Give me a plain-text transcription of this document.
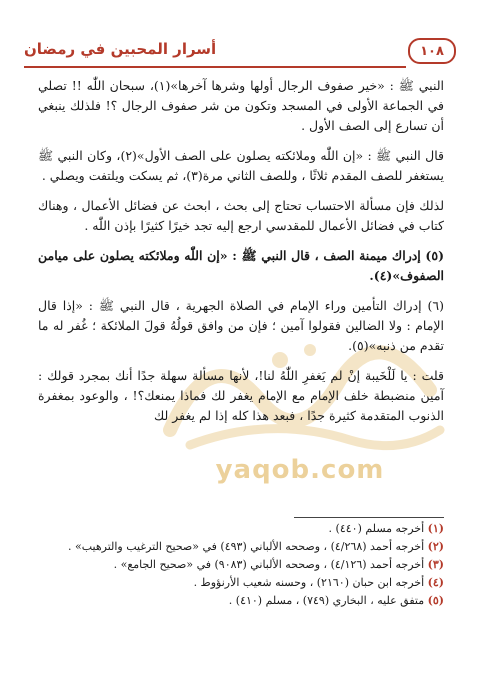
yaqob.com
١٠٨
أسرار المحبين في رمضان

النبي ﷺ : «خير صفوف الرجال أولها وشرها آخرها»(١)، سبحان اللّٰه !! تصلي في الجماعة الأولى في المسجد وتكون من شر صفوف الرجال ؟! فلذلك ينبغي أن تسارع إلى الصف الأول .

قال النبي ﷺ : «إن اللّٰه وملائكته يصلون على الصف الأول»(٢)، وكان النبي ﷺ يستغفر للصف المقدم ثلاثًا ، وللصف الثاني مرة(٣)، ثم يسكت ويلتفت ويصلي .

لذلك فإن مسألة الاحتساب تحتاج إلى بحث ، ابحث عن فضائل الأعمال ، وهناك كتاب في فضائل الأعمال للمقدسي ارجع إليه تجد خيرًا كثيرًا بإذن اللّٰه .

(٥) إدراك ميمنة الصف ، قال النبي ﷺ : «إن اللّٰه وملائكته يصلون على ميامن الصفوف»(٤).

(٦) إدراك التأمين وراء الإمام في الصلاة الجهرية ، قال النبي ﷺ : «إذا قال الإمام : ولا الضالين فقولوا آمين ؛ فإن من وافق قولُهُ قولَ الملائكة ؛ غُفر له ما تقدم من ذنبه»(٥).

قلت : يا لَلْخَيبة إنْ لم يَغفرِ اللّٰهُ لنا!، لأنها مسألة سهلة جدًا أنك بمجرد قولك : آمين منضبطة خلف الإمام مع الإمام يغفر لك فماذا يمنعك؟! ، والوعود بمغفرة الذنوب المتقدمة كثيرة جدًا ، فبعد هذا كله إذا لم يغفر لك

(١) أخرجه مسلم (٤٤٠) .

(٢) أخرجه أحمد (٤/٢٦٨) ، وصححه الألباني (٤٩٣) في «صحيح الترغيب والترهيب» .

(٣) أخرجه أحمد (٤/١٢٦) ، وصححه الألباني (٩٠٨٣) في «صحيح الجامع» .

(٤) أخرجه ابن حبان (٢١٦٠) ، وحسنه شعيب الأرنؤوط .

(٥) متفق عليه ، البخاري (٧٤٩) ، مسلم (٤١٠) .
